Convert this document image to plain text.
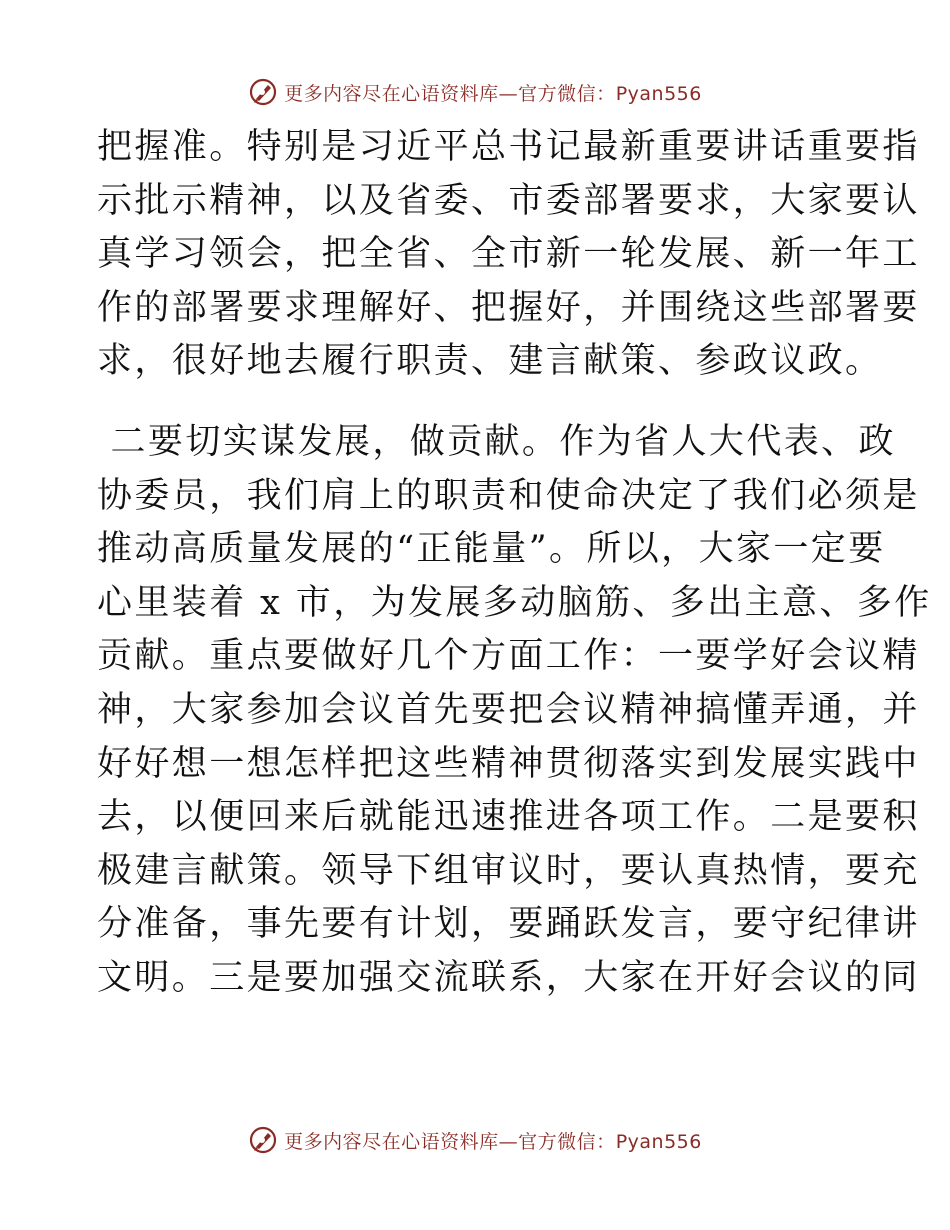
更多内容尽在心语资料库—官方微信：Pyan556
把握准。特别是习近平总书记最新重要讲话重要指
示批示精神，以及省委、市委部署要求，大家要认
真学习领会，把全省、全市新一轮发展、新一年工
作的部署要求理解好、把握好，并围绕这些部署要
求，很好地去履行职责、建言献策、参政议政。
二要切实谋发展，做贡献。作为省人大代表、政
协委员，我们肩上的职责和使命决定了我们必须是
推动高质量发展的“正能量”。所以，大家一定要
心里装着 x 市，为发展多动脑筋、多出主意、多作
贡献。重点要做好几个方面工作：一要学好会议精
神，大家参加会议首先要把会议精神搞懂弄通，并
好好想一想怎样把这些精神贯彻落实到发展实践中
去，以便回来后就能迅速推进各项工作。二是要积
极建言献策。领导下组审议时，要认真热情，要充
分准备，事先要有计划，要踊跃发言，要守纪律讲
文明。三是要加强交流联系，大家在开好会议的同
更多内容尽在心语资料库—官方微信：Pyan556
